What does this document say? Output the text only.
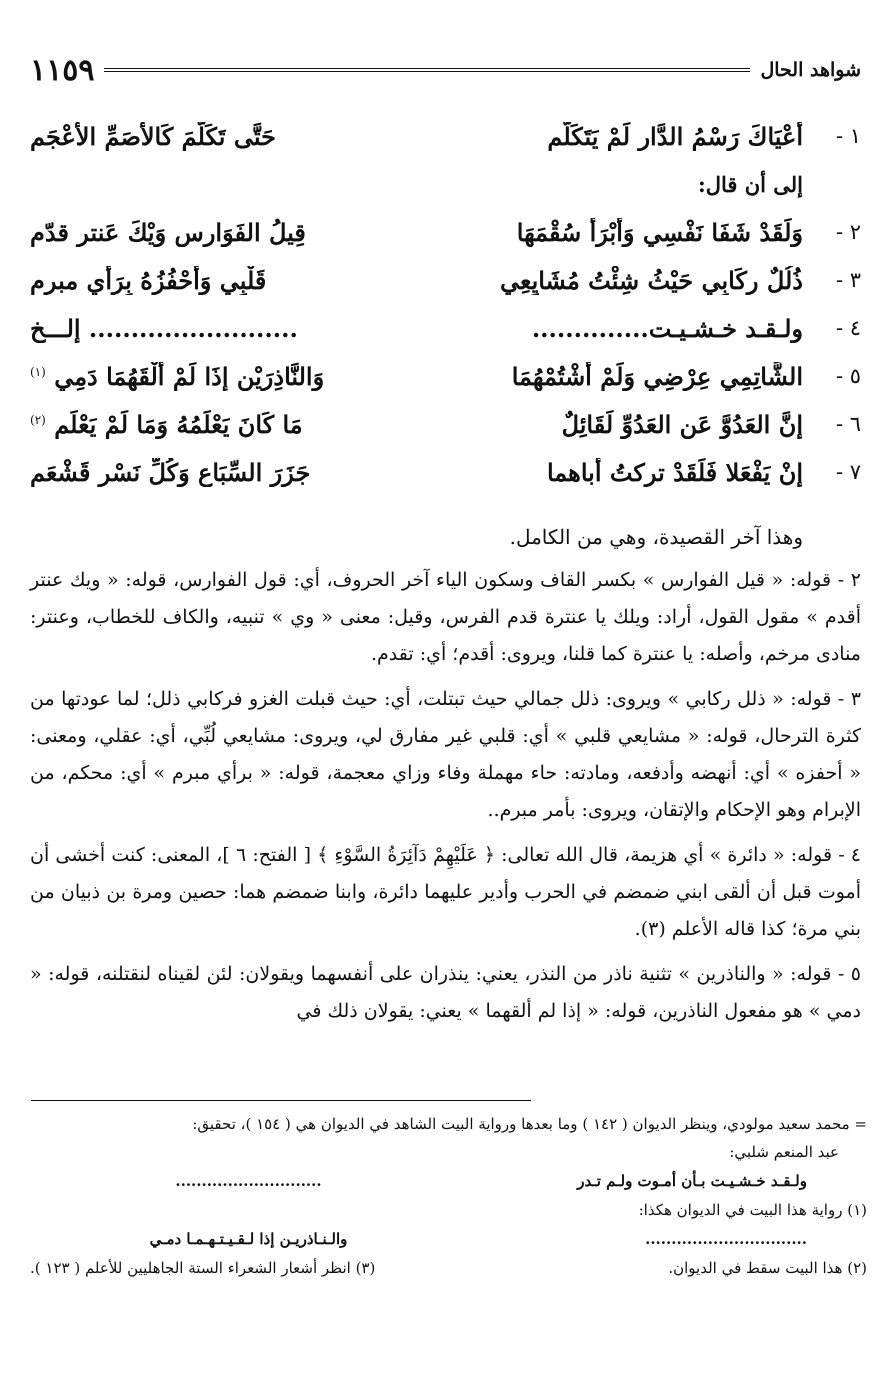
شواهد الحال
١١٥٩
١ -
أَعْيَاكَ رَسْمُ الدَّارِ لَمْ يَتَكَلَّمِ
حَتَّى تَكَلَّمَ كَالأَصَمِّ الأَعْجَمِ
إلى أن قال:
٢ -
وَلَقَدْ شَفَا نَفْسِي وَأَبْرَأَ سُقْمَهَا
قِيلُ الفَوَارِسِ وَيْكَ عَنتر قدّم
٣ -
ذُلُلٌ رِكَابِي حَيْثُ شِئْتُ مُشَايِعِي
قَلْبِي وَأَحْفُزُهُ بِرَأْيٍ مبرمِ
٤ -
ولـقـد خـشـيـت..............
......................... إلـــخ
٥ -
الشَّاتِمِي عِرْضِي وَلَمْ أَشْتُمْهُمَا
وَالنَّاذِرَيْنِ إِذَا لَمْ أَلْقَهُمَا دَمِي $^{(١)}$
٦ -
إِنَّ العَدُوَّ عَنِ العَدُوِّ لَقَائِلٌ
مَا كَانَ يَعْلَمُهُ وَمَا لَمْ يَعْلَمِ $^{(٢)}$
٧ -
إِنْ يَفْعَلا فَلَقَدْ تركتُ أباهما
جَزَرَ السِّبَاعِ وَكُلِّ نَسْرٍ قَشْعَمِ

وهذا آخر القصيدة، وهي من الكامل.

٢ - قوله: « قيل الفوارس » بكسر القاف وسكون الياء آخر الحروف، أي: قول الفوارس، قوله: « ويك عنتر أقدم » مقول القول، أراد: ويلك يا عنترة قدم الفرس، وقيل: معنى « وي » تنبيه، والكاف للخطاب، وعنتر: منادى مرخم، وأصله: يا عنترة كما قلنا، ويروى: أقدم؛ أي: تقدم.

٣ - قوله: « ذلل ركابي » ويروى: ذلل جمالي حيث تبتلت، أي: حيث قبلت الغزو فركابي ذلل؛ لما عودتها من كثرة الترحال، قوله: « مشايعي قلبي » أي: قلبي غير مفارق لي، ويروى: مشايعي لُبِّي، أي: عقلي، ومعنى: « أحفزه » أي: أنهضه وأدفعه، ومادته: حاء مهملة وفاء وزاي معجمة، قوله: « برأي مبرم » أي: محكم، من الإبرام وهو الإحكام والإتقان، ويروى: بأمر مبرم..

٤ - قوله: « دائرة » أي هزيمة، قال الله تعالى: ﴿ عَلَيْهِمْ دَآئِرَةُ السَّوْءِ ﴾ [ الفتح: ٦ ]، المعنى: كنت أخشى أن أموت قبل أن ألقى ابني ضمضم في الحرب وأدير عليهما دائرة، وابنا ضمضم هما: حصين ومرة بن ذبيان من بني مرة؛ كذا قاله الأعلم (٣).

٥ - قوله: « والناذرين » تثنية ناذر من النذر، يعني: ينذران على أنفسهما ويقولان: لئن لقيناه لنقتلنه، قوله: « دمي » هو مفعول الناذرين، قوله: « إذا لم ألقهما » يعني: يقولان ذلك في

= محمد سعيد مولودي، وينظر الديوان ( ١٤٢ ) وما بعدها ورواية البيت الشاهد في الديوان هي ( ١٥٤ )، تحقيق:

عبد المنعم شلبي:

ولـقـد خـشـيـت بـأن أمـوت ولـم تـدر
............................

(١) رواية هذا البيت في الديوان هكذا:

...............................
والـنـاذريـن إذا لـقـيـتـهـمـا دمـي
(٢) هذا البيت سقط في الديوان.
(٣) انظر أشعار الشعراء الستة الجاهليين للأعلم ( ١٢٣ ).
